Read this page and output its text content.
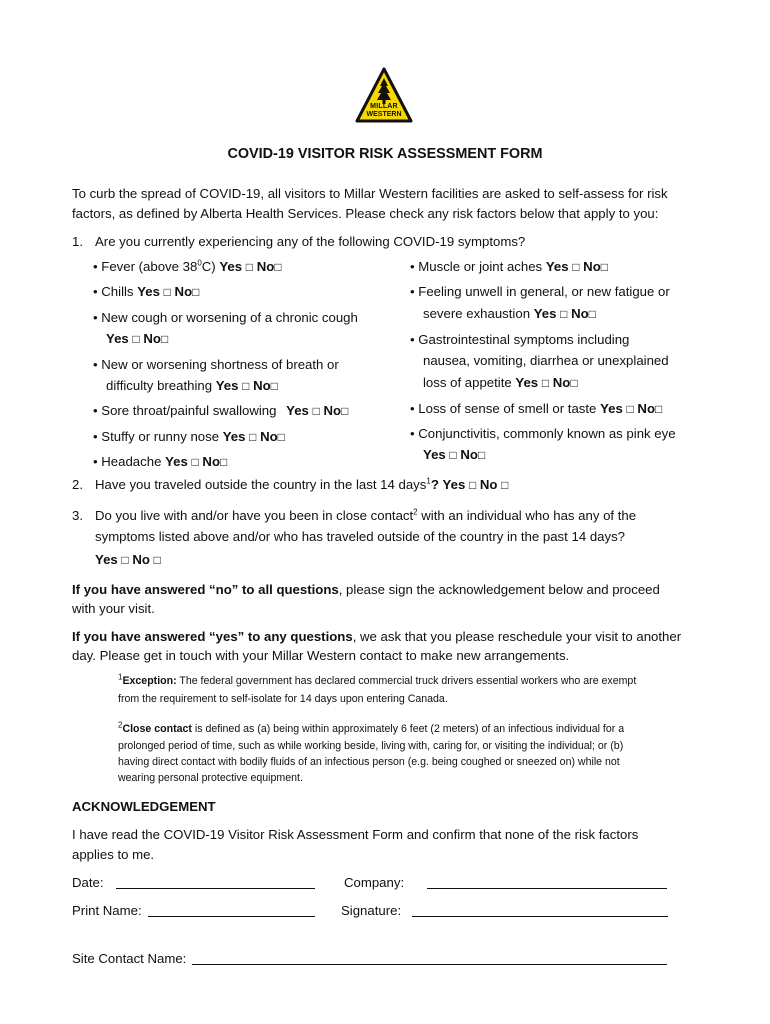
MILLAR
WESTERN
COVID-19 VISITOR RISK ASSESSMENT FORM
To curb the spread of COVID-19, all visitors to Millar Western facilities are asked to self-assess for risk
factors, as defined by Alberta Health Services. Please check any risk factors below that apply to you:
1. Are you currently experiencing any of the following COVID-19 symptoms?
• Fever (above $38^0C$) Yes □ No□
• Chills Yes □ No□
• New cough or worsening of a chronic cough
Yes □ No□
• New or worsening shortness of breath or
difficulty breathing Yes □ No□
• Sore throat/painful swallowing Yes □ No□
• Stuffy or runny nose Yes □ No□
• Headache Yes □ No□
• Muscle or joint aches Yes □ No□
• Feeling unwell in general, or new fatigue or
severe exhaustion Yes □ No□
• Gastrointestinal symptoms including
nausea, vomiting, diarrhea or unexplained
loss of appetite Yes □ No□
• Loss of sense of smell or taste Yes □ No□
• Conjunctivitis, commonly known as pink eye
Yes □ No□
2. Have you traveled outside the country in the last 14 days$^1$? Yes □ No □
3. Do you live with and/or have you been in close contact$^2$ with an individual who has any of the
symptoms listed above and/or who has traveled outside of the country in the past 14 days?
Yes □ No □
If you have answered “no” to all questions, please sign the acknowledgement below and proceed
with your visit.
If you have answered “yes” to any questions, we ask that you please reschedule your visit to another
day. Please get in touch with your Millar Western contact to make new arrangements.
$^1$Exception: The federal government has declared commercial truck drivers essential workers who are exempt
from the requirement to self-isolate for 14 days upon entering Canada.
$^2$Close contact is defined as (a) being within approximately 6 feet (2 meters) of an infectious individual for a
prolonged period of time, such as while working beside, living with, caring for, or visiting the individual; or (b)
having direct contact with bodily fluids of an infectious person (e.g. being coughed or sneezed on) while not
wearing personal protective equipment.
ACKNOWLEDGEMENT
I have read the COVID-19 Visitor Risk Assessment Form and confirm that none of the risk factors
applies to me.
Date:	Company:
Print Name:	Signature:
Site Contact Name:
